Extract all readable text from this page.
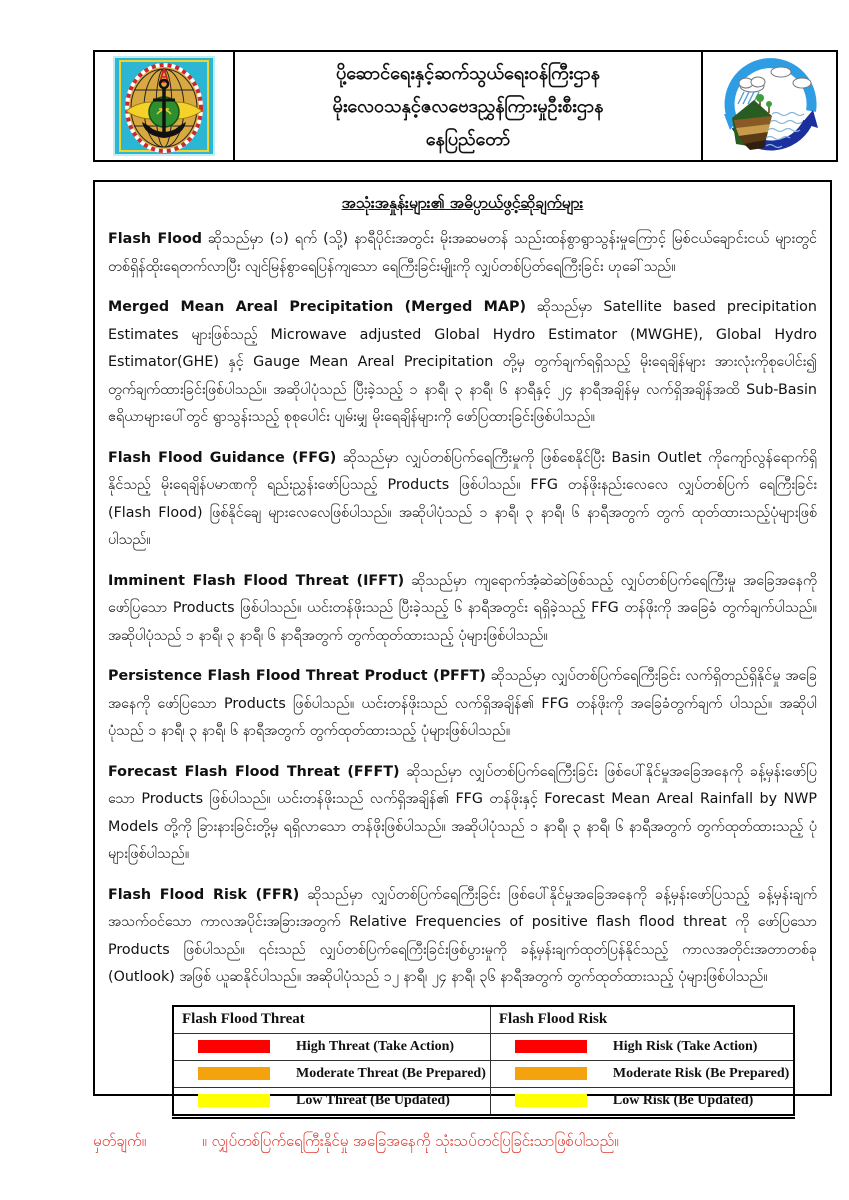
ပို့ဆောင်ရေးနှင့်ဆက်သွယ်ရေးဝန်ကြီးဌာန
မိုးလေဝသနှင့်ဇလဗေဒညွှန်ကြားမှုဦးစီးဌာန
နေပြည်တော်
အသုံးအနှုန်းများ၏ အဓိပ္ပာယ်ဖွင့်ဆိုချက်များ

Flash Flood ဆိုသည်မှာ (၁) ရက် (သို့) နာရီပိုင်းအတွင်း မိုးအဆမတန် သည်းထန်စွာရွာသွန်းမှုကြောင့် မြစ်ငယ်ချောင်းငယ် များတွင် တစ်ရှိန်ထိုးရေတက်လာပြီး လျင်မြန်စွာရေပြန်ကျသော ရေကြီးခြင်းမျိုးကို လျှပ်တစ်ပြတ်ရေကြီးခြင်း ဟုခေါ်သည်။

Merged Mean Areal Precipitation (Merged MAP) ဆိုသည်မှာ Satellite based precipitation Estimates များဖြစ်သည့် Microwave adjusted Global Hydro Estimator (MWGHE), Global Hydro Estimator(GHE) နှင့် Gauge Mean Areal Precipitation တို့မှ တွက်ချက်ရရှိသည့် မိုးရေချိန်များ အားလုံးကိုစုပေါင်း၍ တွက်ချက်ထားခြင်းဖြစ်ပါသည်။ အဆိုပါပုံသည် ပြီးခဲ့သည့် ၁ နာရီ၊ ၃ နာရီ၊ ၆ နာရီနှင့် ၂၄ နာရီအချိန်မှ လက်ရှိအချိန်အထိ Sub-Basin ဧရိယာများပေါ်တွင် ရွာသွန်းသည့် စုစုပေါင်း ပျမ်းမျှ မိုးရေချိန်များကို ဖော်ပြထားခြင်းဖြစ်ပါသည်။

Flash Flood Guidance (FFG) ဆိုသည်မှာ လျှပ်တစ်ပြက်ရေကြီးမှုကို ဖြစ်စေနိုင်ပြီး Basin Outlet ကိုကျော်လွန်ရောက်ရှိ နိုင်သည့် မိုးရေချိန်ပမာဏကို ရည်းညွှန်းဖော်ပြသည့် Products ဖြစ်ပါသည်။ FFG တန်ဖိုးနည်းလေလေ လျှပ်တစ်ပြက် ရေကြီးခြင်း (Flash Flood) ဖြစ်နိုင်ချေ များလေလေဖြစ်ပါသည်။ အဆိုပါပုံသည် ၁ နာရီ၊ ၃ နာရီ၊ ၆ နာရီအတွက် တွက် ထုတ်ထားသည့်ပုံများဖြစ်ပါသည်။

Imminent Flash Flood Threat (IFFT) ဆိုသည်မှာ ကျရောက်အံ့ဆဲဆဲဖြစ်သည့် လျှပ်တစ်ပြက်ရေကြီးမှု အခြေအနေကို ဖော်ပြသော Products ဖြစ်ပါသည်။ ယင်းတန်ဖိုးသည် ပြီးခဲ့သည့် ၆ နာရီအတွင်း ရရှိခဲ့သည့် FFG တန်ဖိုးကို အခြေခံ တွက်ချက်ပါသည်။ အဆိုပါပုံသည် ၁ နာရီ၊ ၃ နာရီ၊ ၆ နာရီအတွက် တွက်ထုတ်ထားသည့် ပုံများဖြစ်ပါသည်။

Persistence Flash Flood Threat Product (PFFT) ဆိုသည်မှာ လျှပ်တစ်ပြက်ရေကြီးခြင်း လက်ရှိတည်ရှိနိုင်မှု အခြေ အနေကို ဖော်ပြသော Products ဖြစ်ပါသည်။ ယင်းတန်ဖိုးသည် လက်ရှိအချိန်၏ FFG တန်ဖိုးကို အခြေခံတွက်ချက် ပါသည်။ အဆိုပါပုံသည် ၁ နာရီ၊ ၃ နာရီ၊ ၆ နာရီအတွက် တွက်ထုတ်ထားသည့် ပုံများဖြစ်ပါသည်။

Forecast Flash Flood Threat (FFFT) ဆိုသည်မှာ လျှပ်တစ်ပြက်ရေကြီးခြင်း ဖြစ်ပေါ်နိုင်မှုအခြေအနေကို ခန့်မှန်းဖော်ပြ သော Products ဖြစ်ပါသည်။ ယင်းတန်ဖိုးသည် လက်ရှိအချိန်၏ FFG တန်ဖိုးနှင့် Forecast Mean Areal Rainfall by NWP Models တို့ကို ခြားနားခြင်းတို့မှ ရရှိလာသော တန်ဖိုးဖြစ်ပါသည်။ အဆိုပါပုံသည် ၁ နာရီ၊ ၃ နာရီ၊ ၆ နာရီအတွက် တွက်ထုတ်ထားသည့် ပုံများဖြစ်ပါသည်။

Flash Flood Risk (FFR) ဆိုသည်မှာ လျှပ်တစ်ပြက်ရေကြီးခြင်း ဖြစ်ပေါ်နိုင်မှုအခြေအနေကို ခန့်မှန်းဖော်ပြသည့် ခန့်မှန်းချက် အသက်ဝင်သော ကာလအပိုင်းအခြားအတွက် Relative Frequencies of positive flash flood threat ကို ဖော်ပြသော Products ဖြစ်ပါသည်။ ၎င်းသည် လျှပ်တစ်ပြက်ရေကြီးခြင်းဖြစ်ပွားမှုကို ခန့်မှန်းချက်ထုတ်ပြန်နိုင်သည့် ကာလအတိုင်းအတာတစ်ခု (Outlook) အဖြစ် ယူဆနိုင်ပါသည်။ အဆိုပါပုံသည် ၁၂ နာရီ၊ ၂၄ နာရီ၊ ၃၆ နာရီအတွက် တွက်ထုတ်ထားသည့် ပုံများဖြစ်ပါသည်။

Flash Flood Threat	Flash Flood Risk

High Threat (Take Action)	High Risk (Take Action)

Moderate Threat (Be Prepared)	Moderate Risk (Be Prepared)

Low Threat (Be Updated)	Low Risk (Be Updated)
မှတ်ချက်။	။ လျှပ်တစ်ပြက်ရေကြီးနိုင်မှု အခြေအနေကို သုံးသပ်တင်ပြခြင်းသာဖြစ်ပါသည်။
